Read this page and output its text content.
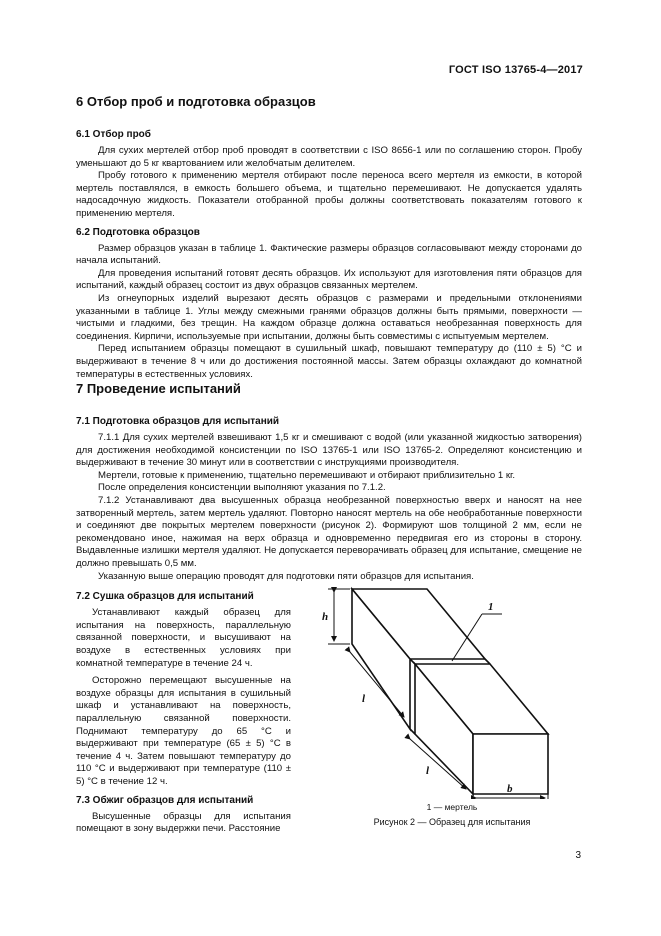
ГОСТ ISO 13765-4—2017
6 Отбор проб и подготовка образцов
6.1 Отбор проб

Для сухих мертелей отбор проб проводят в соответствии с ISO 8656-1 или по соглашению сторон. Пробу уменьшают до 5 кг квартованием или желобчатым делителем.

Пробу готового к применению мертеля отбирают после переноса всего мертеля из емкости, в которой мертель поставлялся, в емкость большего объема, и тщательно перемешивают. Не допускается удалять надосадочную жидкость. Показатели отобранной пробы должны соответствовать показателям готового к применению мертеля.

6.2 Подготовка образцов

Размер образцов указан в таблице 1. Фактические размеры образцов согласовывают между сторонами до начала испытаний.

Для проведения испытаний готовят десять образцов. Их используют для изготовления пяти образцов для испытаний, каждый образец состоит из двух образцов связанных мертелем.

Из огнеупорных изделий вырезают десять образцов с размерами и предельными отклонениями указанными в таблице 1. Углы между смежными гранями образцов должны быть прямыми, поверхности — чистыми и гладкими, без трещин. На каждом образце должна оставаться необрезанная поверхность для соединения. Кирпичи, используемые при испытании, должны быть совместимы с испытуемым мертелем.

Перед испытанием образцы помещают в сушильный шкаф, повышают температуру до (110 ± 5) °С и выдерживают в течение 8 ч или до достижения постоянной массы. Затем образцы охлаждают до комнатной температуры в естественных условиях.

7 Проведение испытаний
7.1 Подготовка образцов для испытаний

7.1.1 Для сухих мертелей взвешивают 1,5 кг и смешивают с водой (или указанной жидкостью затворения) для достижения необходимой консистенции по ISO 13765-1 или ISO 13765-2. Определяют консистенцию и выдерживают в течение 30 минут или в соответствии с инструкциями производителя.

Мертели, готовые к применению, тщательно перемешивают и отбирают приблизительно 1 кг.

После определения консистенции выполняют указания по 7.1.2.

7.1.2 Устанавливают два высушенных образца необрезанной поверхностью вверх и наносят на нее затворенный мертель, затем мертель удаляют. Повторно наносят мертель на обе необработанные поверхности и соединяют две покрытых мертелем поверхности (рисунок 2). Формируют шов толщиной 2 мм, если не рекомендовано иное, нажимая на верх образца и одновременно передвигая его из стороны в сторону. Выдавленные излишки мертеля удаляют. Не допускается переворачивать образец для испытание, смещение не должно превышать 0,5 мм.

Указанную выше операцию проводят для подготовки пяти образцов для испытания.

7.2 Сушка образцов для испытаний

Устанавливают каждый образец для испытания на поверхность, параллельную связанной поверхности, и высушивают на воздухе в естественных условиях при комнатной температуре в течение 24 ч.

Осторожно перемещают высушенные на воздухе образцы для испытания в сушильный шкаф и устанавливают на поверхность, параллельную связанной поверхности. Поднимают температуру до 65 °С и выдерживают при температуре (65 ± 5) °С в течение 4 ч. Затем повышают температуру до 110 °С и выдерживают при температуре (110 ± 5) °С в течение 12 ч.

7.3 Обжиг образцов для испытаний

Высушенные образцы для испытания помещают в зону выдержки печи. Расстояние

h
l
l
b
1
1 — мертель
Рисунок 2 — Образец для испытания
3
